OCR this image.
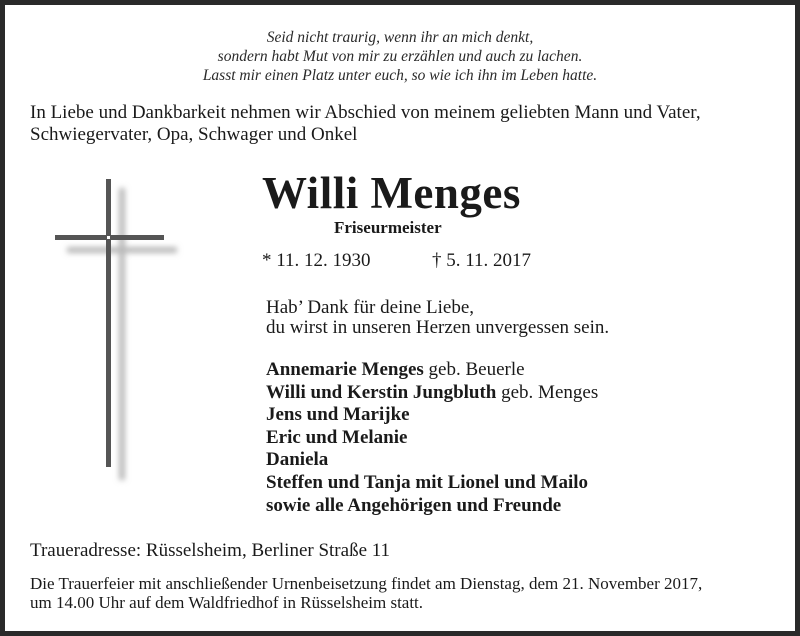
Seid nicht traurig, wenn ihr an mich denkt,
sondern habt Mut von mir zu erzählen und auch zu lachen.
Lasst mir einen Platz unter euch, so wie ich ihn im Leben hatte.
In Liebe und Dankbarkeit nehmen wir Abschied von meinem geliebten Mann und Vater,
Schwiegervater, Opa, Schwager und Onkel
Willi Menges
Friseurmeister
* 11. 12. 1930	† 5. 11. 2017
Hab’ Dank für deine Liebe,
du wirst in unseren Herzen unvergessen sein.
Annemarie Menges geb. Beuerle
Willi und Kerstin Jungbluth geb. Menges
Jens und Marijke
Eric und Melanie
Daniela
Steffen und Tanja mit Lionel und Mailo
sowie alle Angehörigen und Freunde
Traueradresse: Rüsselsheim, Berliner Straße 11
Die Trauerfeier mit anschließender Urnenbeisetzung findet am Dienstag, dem 21. November 2017,
um 14.00 Uhr auf dem Waldfriedhof in Rüsselsheim statt.
